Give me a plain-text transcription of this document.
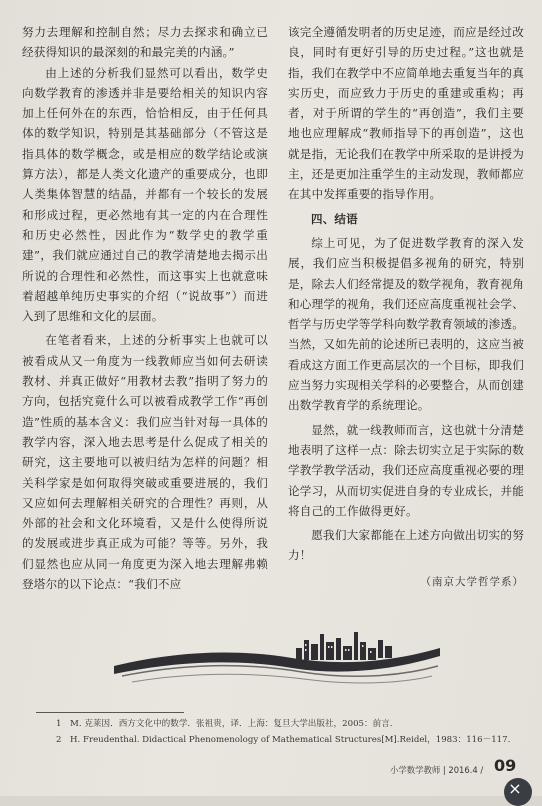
努力去理解和控制自然；尽力去探求和确立已经获得知识的最深刻的和最完美的内涵。”

由上述的分析我们显然可以看出，数学史向数学教育的渗透并非是要给相关的知识内容加上任何外在的东西，恰恰相反，由于任何具体的数学知识，特别是其基础部分（不管这是指具体的数学概念，或是相应的数学结论或演算方法），都是人类文化遗产的重要成分，也即人类集体智慧的结晶，并都有一个较长的发展和形成过程，更必然地有其一定的内在合理性和历史必然性，因此作为“数学史的教学重建”，我们就应通过自己的教学清楚地去揭示出所说的合理性和必然性，而这事实上也就意味着超越单纯历史事实的介绍（“说故事”）而进入到了思维和文化的层面。

在笔者看来，上述的分析事实上也就可以被看成从又一角度为一线教师应当如何去研读教材、并真正做好“用教材去教”指明了努力的方向，包括究竟什么可以被看成教学工作“再创造”性质的基本含义：我们应当针对每一具体的教学内容，深入地去思考是什么促成了相关的研究，这主要地可以被归结为怎样的问题？相关科学家是如何取得突破或重要进展的，我们又应如何去理解相关研究的合理性？再则，从外部的社会和文化环境看，又是什么使得所说的发展或进步真正成为可能？等等。另外，我们显然也应从同一角度更为深入地去理解弗赖登塔尔的以下论点：“我们不应

该完全遵循发明者的历史足迹，而应是经过改良，同时有更好引导的历史过程。”这也就是指，我们在教学中不应简单地去重复当年的真实历史，而应致力于历史的重建或重构；再者，对于所谓的学生的“再创造”，我们主要地也应理解成“教师指导下的再创造”，这也就是指，无论我们在教学中所采取的是讲授为主，还是更加注重学生的主动发现，教师都应在其中发挥重要的指导作用。

四、结语

综上可见，为了促进数学教育的深入发展，我们应当积极提倡多视角的研究，特别是，除去人们经常提及的数学视角，教育视角和心理学的视角，我们还应高度重视社会学、哲学与历史学等学科向数学教育领域的渗透。当然，又如先前的论述所已表明的，这应当被看成这方面工作更高层次的一个目标，即我们应当努力实现相关学科的必要整合，从而创建出数学教育学的系统理论。

显然，就一线教师而言，这也就十分清楚地表明了这样一点：除去切实立足于实际的数学教学教学活动，我们还应高度重视必要的理论学习，从而切实促进自身的专业成长，并能将自己的工作做得更好。

愿我们大家都能在上述方向做出切实的努力！

（南京大学哲学系）
1　M. 克莱因．西方文化中的数学．张祖贵，译．上海：复旦大学出版社，2005：前言．
2　H. Freudenthal. Didactical Phenomenology of Mathematical Structures[M].Reidel，1983：116－117.
小学数学教师 | 2016.4 / 09
×
